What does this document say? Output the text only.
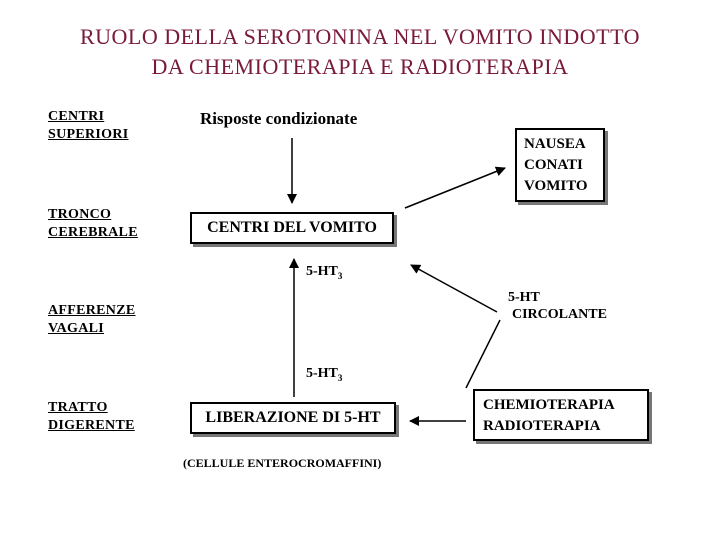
RUOLO DELLA SEROTONINA NEL VOMITO INDOTTO
DA CHEMIOTERAPIA E RADIOTERAPIA
CENTRI
SUPERIORI
TRONCO
CEREBRALE
AFFERENZE
VAGALI
TRATTO
DIGERENTE
Risposte condizionate
CENTRI DEL VOMITO
NAUSEA
CONATI
VOMITO
LIBERAZIONE DI 5-HT
(CELLULE ENTEROCROMAFFINI)
CHEMIOTERAPIA
RADIOTERAPIA
5-HT
CIRCOLANTE
$5-HT_3$
$5-HT_3$
